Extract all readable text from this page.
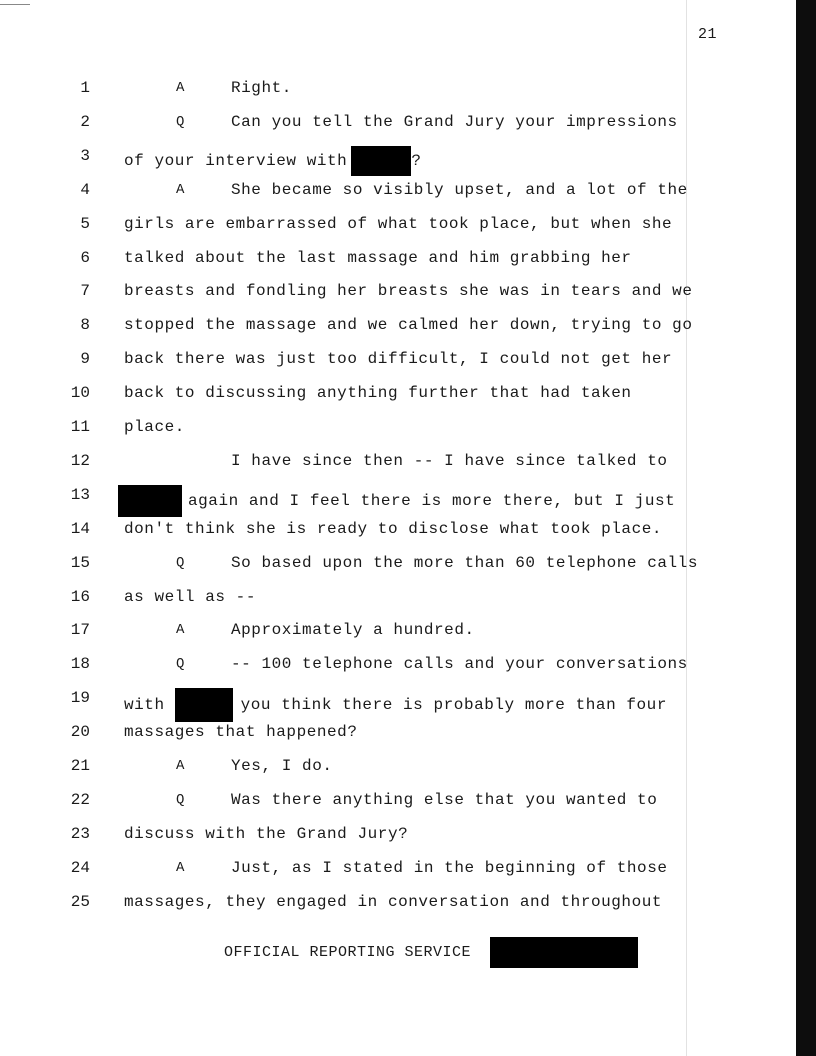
21
1	A	Right.
2	Q	Can you tell the Grand Jury your impressions
3 of your interview with	?
4	A	She became so visibly upset, and a lot of the
5 girls are embarrassed of what took place, but when she
6 talked about the last massage and him grabbing her
7 breasts and fondling her breasts she was in tears and we
8 stopped the massage and we calmed her down, trying to go
9 back there was just too difficult, I could not get her
10 back to discussing anything further that had taken
11 place.
12	I have since then -- I have since talked to
13	again and I feel there is more there, but I just
14 don't think she is ready to disclose what took place.
15	Q	So based upon the more than 60 telephone calls
16 as well as --
17	A	Approximately a hundred.
18	Q	-- 100 telephone calls and your conversations
19 with	you think there is probably more than four
20 massages that happened?
21	A	Yes, I do.
22	Q	Was there anything else that you wanted to
23 discuss with the Grand Jury?
24	A	Just, as I stated in the beginning of those
25 massages, they engaged in conversation and throughout
OFFICIAL REPORTING SERVICE
